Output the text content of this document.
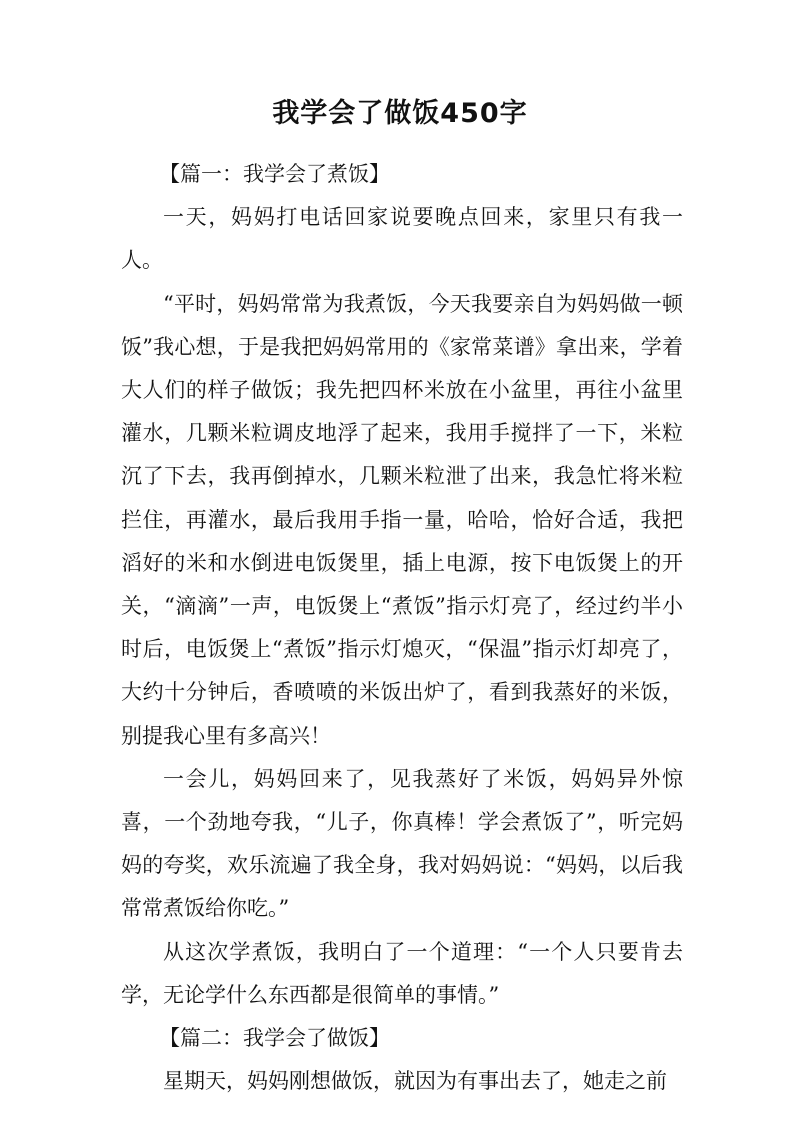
我学会了做饭450字

【篇一：我学会了煮饭】

一天，妈妈打电话回家说要晚点回来，家里只有我一人。

“平时，妈妈常常为我煮饭，今天我要亲自为妈妈做一顿饭”我心想，于是我把妈妈常用的《家常菜谱》拿出来，学着大人们的样子做饭；我先把四杯米放在小盆里，再往小盆里灌水，几颗米粒调皮地浮了起来，我用手搅拌了一下，米粒沉了下去，我再倒掉水，几颗米粒泄了出来，我急忙将米粒拦住，再灌水，最后我用手指一量，哈哈，恰好合适，我把滔好的米和水倒进电饭煲里，插上电源，按下电饭煲上的开关，“滴滴”一声，电饭煲上“煮饭”指示灯亮了，经过约半小时后，电饭煲上“煮饭”指示灯熄灭，“保温”指示灯却亮了，大约十分钟后，香喷喷的米饭出炉了，看到我蒸好的米饭，别提我心里有多高兴！

一会儿，妈妈回来了，见我蒸好了米饭，妈妈异外惊喜，一个劲地夸我，“儿子，你真棒！学会煮饭了”，听完妈妈的夸奖，欢乐流遍了我全身，我对妈妈说：“妈妈，以后我常常煮饭给你吃。”

从这次学煮饭，我明白了一个道理：“一个人只要肯去学，无论学什么东西都是很简单的事情。”

【篇二：我学会了做饭】

星期天，妈妈刚想做饭，就因为有事出去了，她走之前
